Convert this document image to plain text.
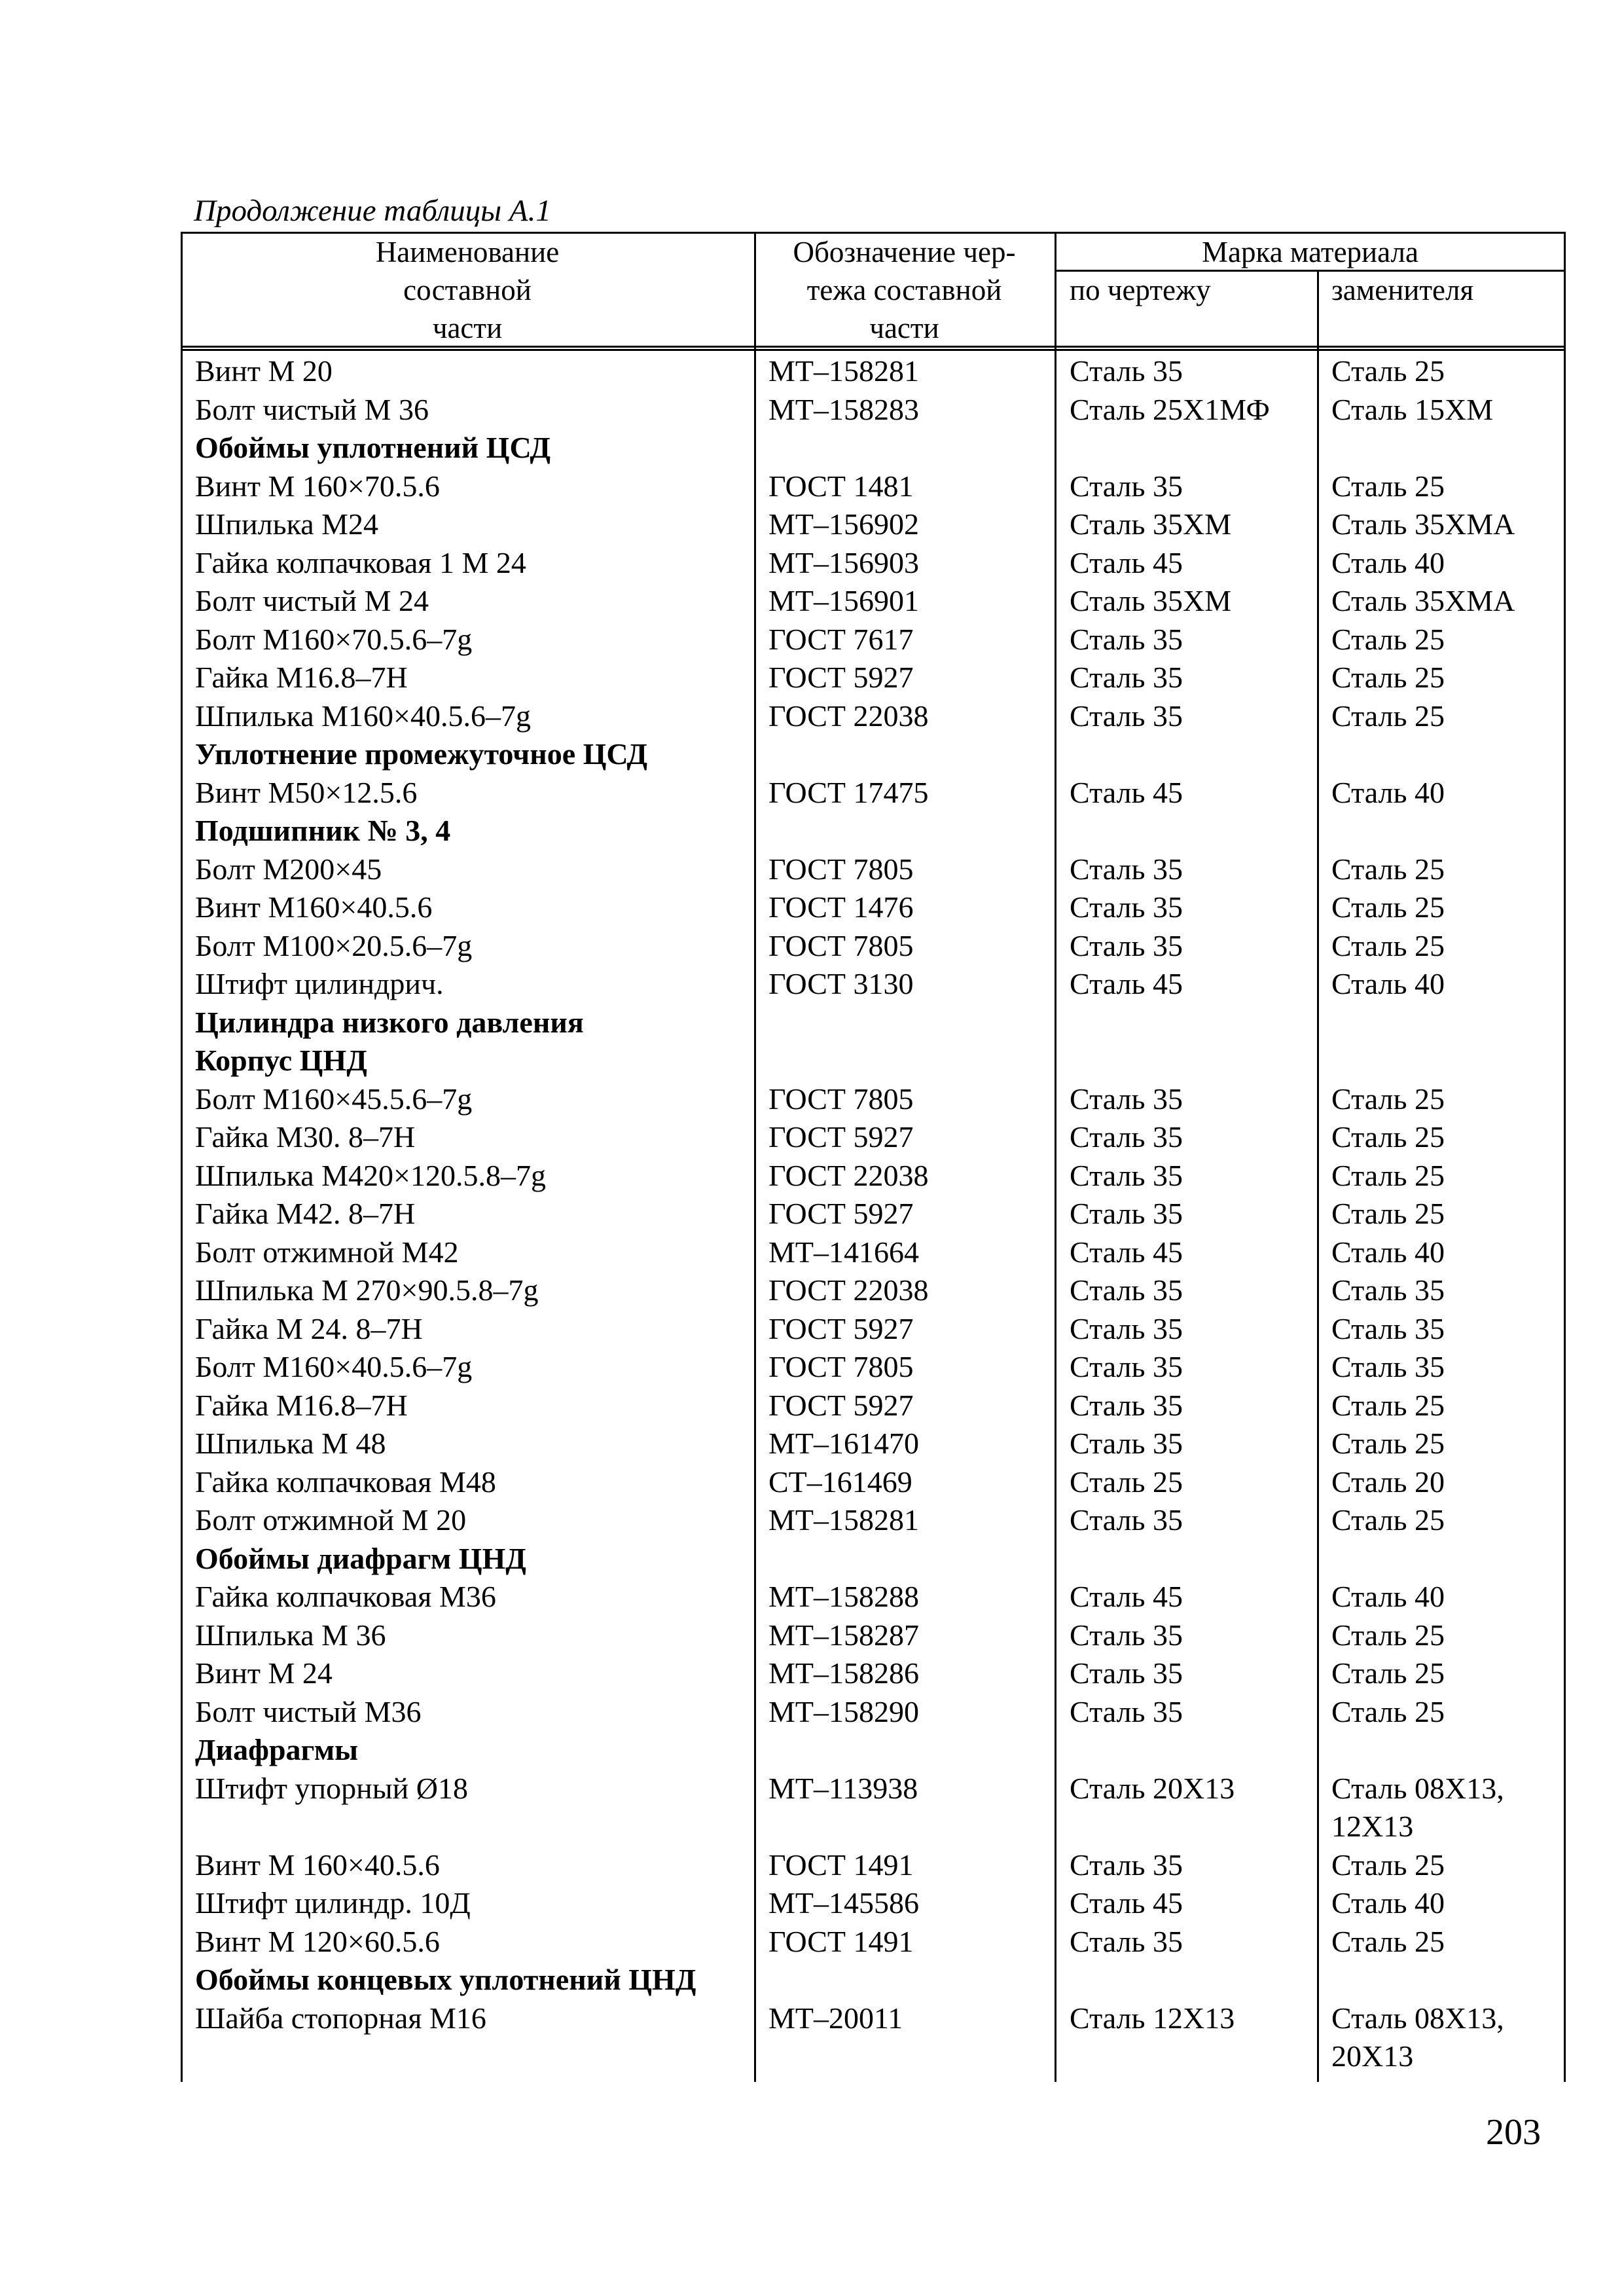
Продолжение таблицы А.1
Наименование
составной
части
Обозначение чер-
тежа составной
части
Марка материала
по чертежу	заменителя
Винт М 20	МТ–158281	Сталь 35	Сталь 25
Болт чистый М 36	МТ–158283	Сталь 25Х1МФ Сталь 15ХМ
Обоймы уплотнений ЦСД
Винт М 160×70.5.6	ГОСТ 1481	Сталь 35	Сталь 25
Шпилька М24	МТ–156902	Сталь 35ХМ	Сталь 35ХМА
Гайка колпачковая 1 М 24	МТ–156903	Сталь 45	Сталь 40
Болт чистый М 24	МТ–156901	Сталь 35ХМ	Сталь 35ХМА
Болт М160×70.5.6–7g	ГОСТ 7617	Сталь 35	Сталь 25
Гайка М16.8–7Н	ГОСТ 5927	Сталь 35	Сталь 25
Шпилька М160×40.5.6–7g	ГОСТ 22038	Сталь 35	Сталь 25
Уплотнение промежуточное ЦСД
Винт М50×12.5.6	ГОСТ 17475	Сталь 45	Сталь 40
Подшипник № 3, 4
Болт М200×45	ГОСТ 7805	Сталь 35	Сталь 25
Винт М160×40.5.6	ГОСТ 1476	Сталь 35	Сталь 25
Болт М100×20.5.6–7g	ГОСТ 7805	Сталь 35	Сталь 25
Штифт цилиндрич.	ГОСТ 3130	Сталь 45	Сталь 40
Цилиндра низкого давления
Корпус ЦНД
Болт М160×45.5.6–7g	ГОСТ 7805	Сталь 35	Сталь 25
Гайка М30. 8–7Н	ГОСТ 5927	Сталь 35	Сталь 25
Шпилька М420×120.5.8–7g	ГОСТ 22038	Сталь 35	Сталь 25
Гайка М42. 8–7Н	ГОСТ 5927	Сталь 35	Сталь 25
Болт отжимной М42	МТ–141664	Сталь 45	Сталь 40
Шпилька М 270×90.5.8–7g	ГОСТ 22038	Сталь 35	Сталь 35
Гайка М 24. 8–7Н	ГОСТ 5927	Сталь 35	Сталь 35
Болт М160×40.5.6–7g	ГОСТ 7805	Сталь 35	Сталь 35
Гайка М16.8–7Н	ГОСТ 5927	Сталь 35	Сталь 25
Шпилька М 48	МТ–161470	Сталь 35	Сталь 25
Гайка колпачковая М48	СТ–161469	Сталь 25	Сталь 20
Болт отжимной М 20	МТ–158281	Сталь 35	Сталь 25
Обоймы диафрагм ЦНД
Гайка колпачковая М36	МТ–158288	Сталь 45	Сталь 40
Шпилька М 36	МТ–158287	Сталь 35	Сталь 25
Винт М 24	МТ–158286	Сталь 35	Сталь 25
Болт чистый М36	МТ–158290	Сталь 35	Сталь 25
Диафрагмы
Штифт упорный Ø18	МТ–113938	Сталь 20Х13	Сталь 08Х13,
12Х13
Винт М 160×40.5.6	ГОСТ 1491	Сталь 35	Сталь 25
Штифт цилиндр. 10Д	МТ–145586	Сталь 45	Сталь 40
Винт М 120×60.5.6	ГОСТ 1491	Сталь 35	Сталь 25
Обоймы концевых уплотнений ЦНД
Шайба стопорная М16	МТ–20011	Сталь 12Х13	Сталь 08Х13,
20Х13
203
